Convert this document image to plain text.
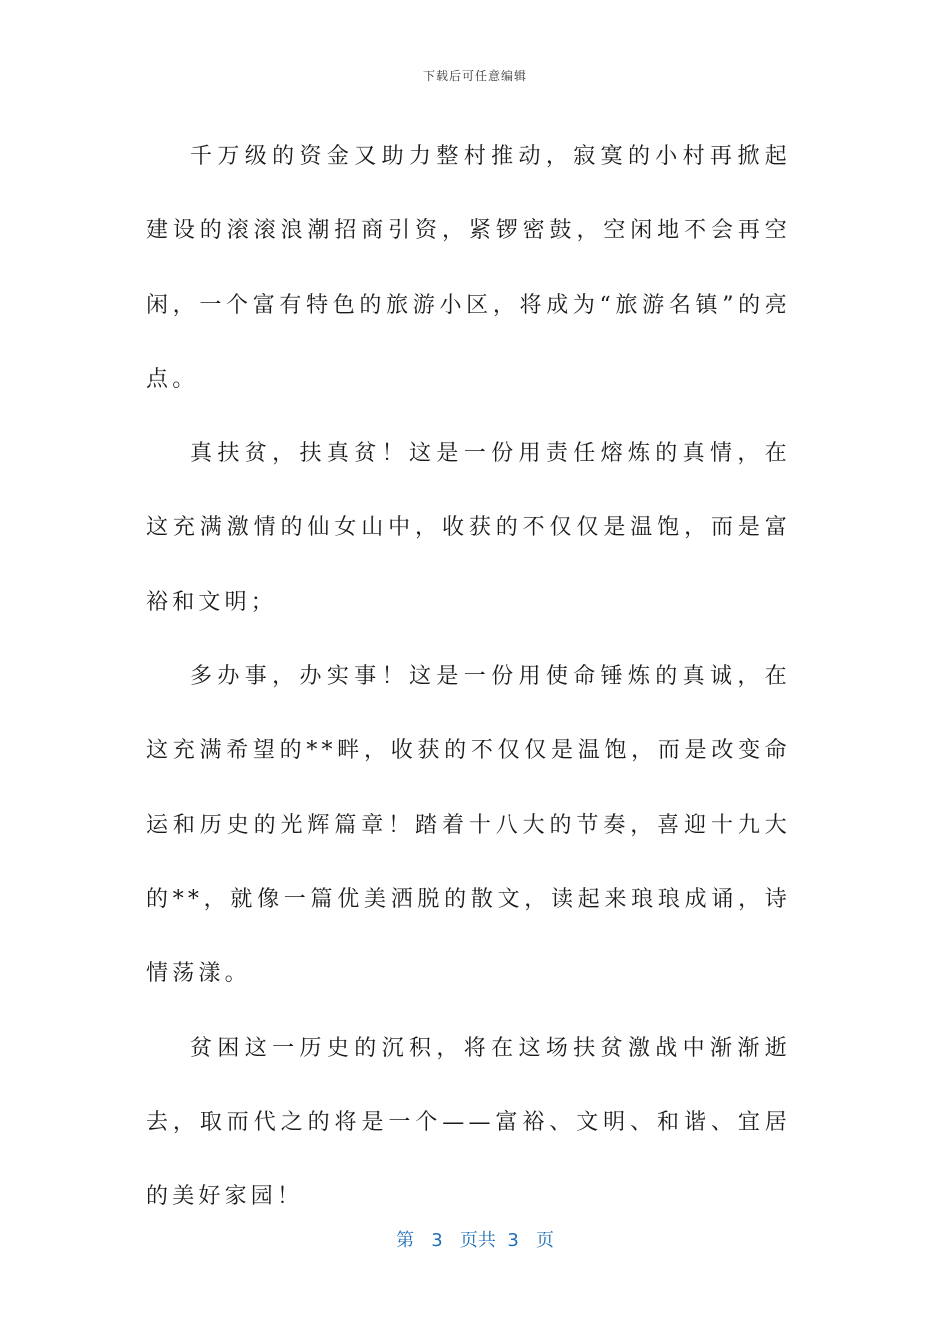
下载后可任意编辑

千万级的资金又助力整村推动，寂寞的小村再掀起建设的滚滚浪潮招商引资，紧锣密鼓，空闲地不会再空闲，一个富有特色的旅游小区，将成为“旅游名镇”的亮点。

真扶贫，扶真贫！这是一份用责任熔炼的真情，在这充满激情的仙女山中，收获的不仅仅是温饱，而是富裕和文明；

多办事，办实事！这是一份用使命锤炼的真诚，在这充满希望的**畔，收获的不仅仅是温饱，而是改变命运和历史的光辉篇章！踏着十八大的节奏，喜迎十九大的**，就像一篇优美洒脱的散文，读起来琅琅成诵，诗情荡漾。

贫困这一历史的沉积，将在这场扶贫激战中渐渐逝去，取而代之的将是一个——富裕、文明、和谐、宜居的美好家园！

第 3 页共 3 页
